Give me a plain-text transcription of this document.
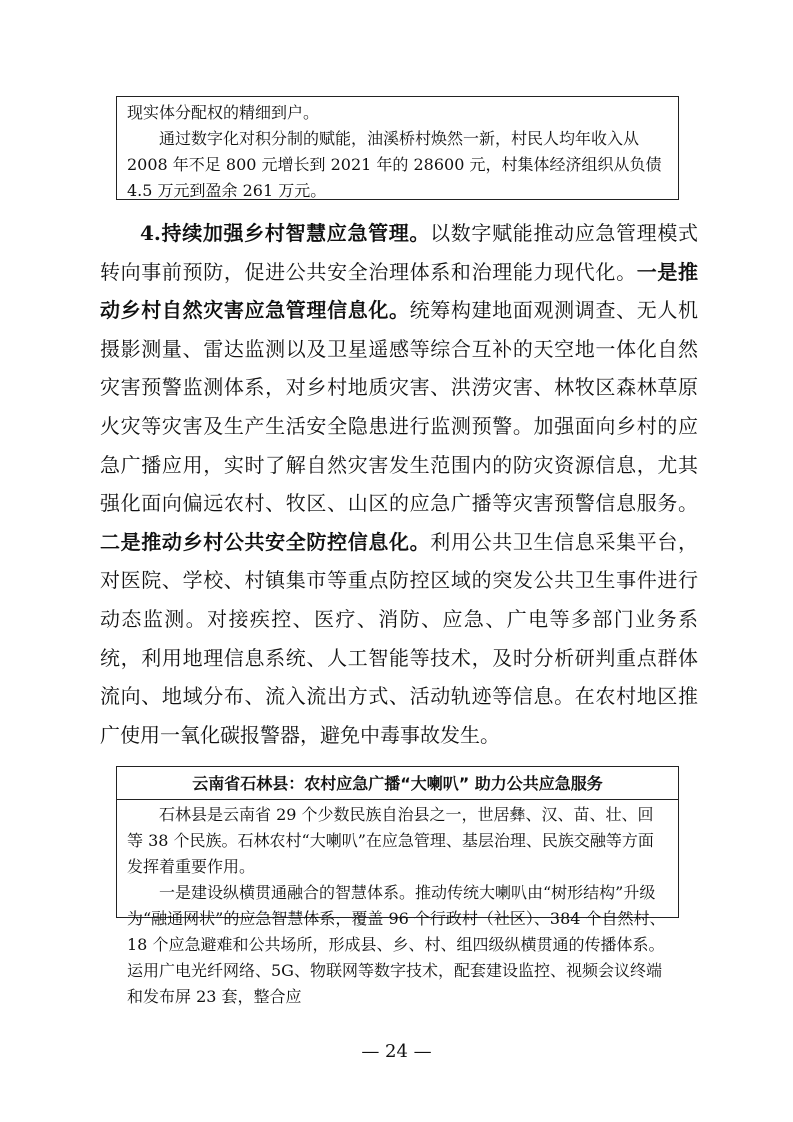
现实体分配权的精细到户。

通过数字化对积分制的赋能，油溪桥村焕然一新，村民人均年收入从 2008 年不足 800 元增长到 2021 年的 28600 元，村集体经济组织从负债 4.5 万元到盈余 261 万元。

4.持续加强乡村智慧应急管理。以数字赋能推动应急管理模式转向事前预防，促进公共安全治理体系和治理能力现代化。一是推动乡村自然灾害应急管理信息化。统筹构建地面观测调查、无人机摄影测量、雷达监测以及卫星遥感等综合互补的天空地一体化自然灾害预警监测体系，对乡村地质灾害、洪涝灾害、林牧区森林草原火灾等灾害及生产生活安全隐患进行监测预警。加强面向乡村的应急广播应用，实时了解自然灾害发生范围内的防灾资源信息，尤其强化面向偏远农村、牧区、山区的应急广播等灾害预警信息服务。二是推动乡村公共安全防控信息化。利用公共卫生信息采集平台，对医院、学校、村镇集市等重点防控区域的突发公共卫生事件进行动态监测。对接疾控、医疗、消防、应急、广电等多部门业务系统，利用地理信息系统、人工智能等技术，及时分析研判重点群体流向、地域分布、流入流出方式、活动轨迹等信息。在农村地区推广使用一氧化碳报警器，避免中毒事故发生。

云南省石林县：农村应急广播“大喇叭” 助力公共应急服务

石林县是云南省 29 个少数民族自治县之一，世居彝、汉、苗、壮、回等 38 个民族。石林农村“大喇叭”在应急管理、基层治理、民族交融等方面发挥着重要作用。

一是建设纵横贯通融合的智慧体系。推动传统大喇叭由“树形结构”升级为“融通网状”的应急智慧体系，覆盖 96 个行政村（社区）、384 个自然村、18 个应急避难和公共场所，形成县、乡、村、组四级纵横贯通的传播体系。运用广电光纤网络、5G、物联网等数字技术，配套建设监控、视频会议终端和发布屏 23 套，整合应

— 24 —
